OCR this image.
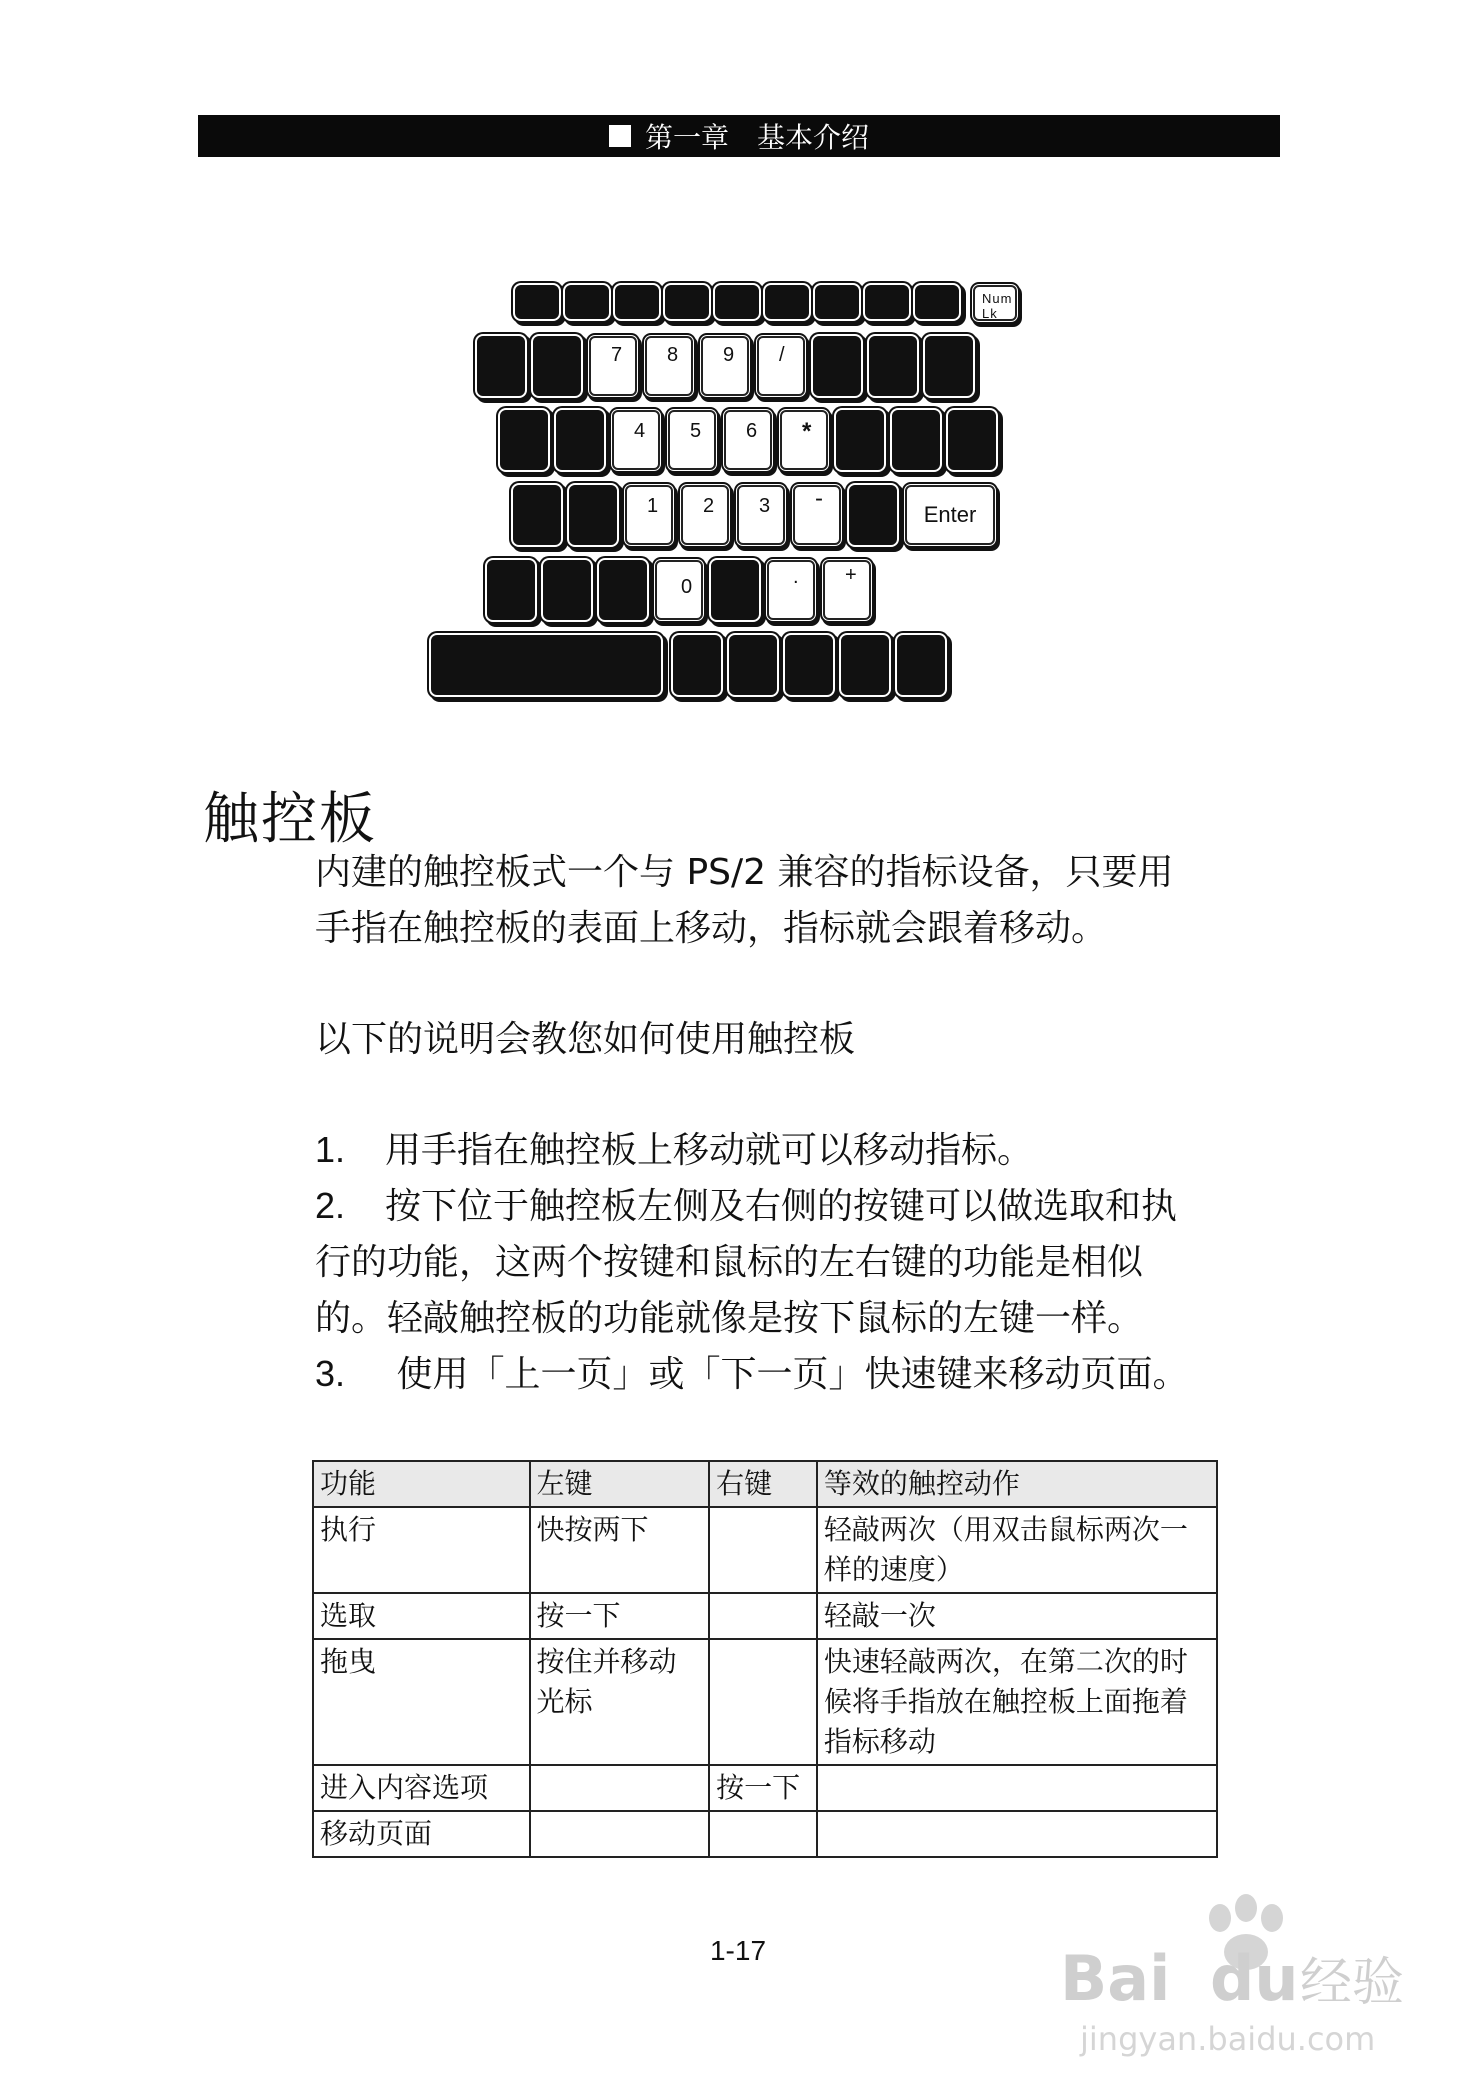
第一章　基本介绍
Num
Lk
7 8 9 /
4 5 6 *
1 2 3 -
Enter
0	. +
触控板
内建的触控板式一个与 PS/2 兼容的指标设备，只要用
手指在触控板的表面上移动，指标就会跟着移动。
以下的说明会教您如何使用触控板
1. 用手指在触控板上移动就可以移动指标。
2. 按下位于触控板左侧及右侧的按键可以做选取和执
行的功能，这两个按键和鼠标的左右键的功能是相似
的。轻敲触控板的功能就像是按下鼠标的左键一样。
3. 使用「上一页」或「下一页」快速键来移动页面。
功能	左键	右键	等效的触控动作
执行	快按两下		轻敲两次（用双击鼠标两次一样的速度）
选取	按一下		轻敲一次
拖曳	按住并移动光标		快速轻敲两次，在第二次的时候将手指放在触控板上面拖着指标移动
进入内容选项		按一下	
移动页面			
1-17	Bai du 经验
jingyan.baidu.com
